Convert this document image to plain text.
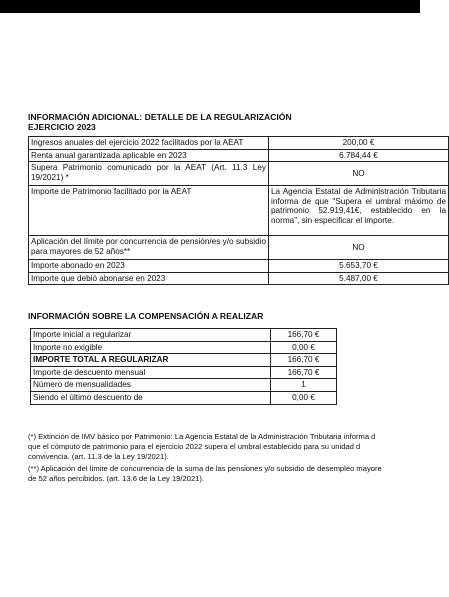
INFORMACIÓN ADICIONAL: DETALLE DE LA REGULARIZACIÓN
EJERCICIO 2023
Ingresos anuales del ejercicio 2022 facilitados por la AEAT	200,00 €
Renta anual garantizada aplicable en 2023	6.784,44 €
Supera Patrimonio comunicado por la AEAT (Art. 11.3 Ley 19/2021) *	NO
Importe de Patrimonio facilitado por la AEAT	La Agencia Estatal de Administración Tributaria informa de que "Supera el umbral máximo de patrimonio 52.919,41€, establecido en la norma", sin especificar el importe.
Aplicación del límite por concurrencia de pensión/es y/o subsidio para mayores de 52 años**	NO
Importe abonado en 2023	5.653,70 €
Importe que debió abonarse en 2023	5.487,00 €
INFORMACIÓN SOBRE LA COMPENSACIÓN A REALIZAR
Importe inicial a regularizar	166,70 €
Importe no exigible	0,00 €
IMPORTE TOTAL A REGULARIZAR	166,70 €
Importe de descuento mensual	166,70 €
Número de mensualidades	1
Siendo el último descuento de	0,00 €
(*) Extinción de IMV básico por Patrimonio: La Agencia Estatal de la Administración Tributaria informa d
que el cómputo de patrimonio para el ejercicio 2022 supera el umbral establecido para su unidad d
convivencia. (art. 11.3 de la Ley 19/2021).
(**) Aplicación del límite de concurrencia de la suma de las pensiones y/o subsidio de desempleo mayore
de 52 años percibidos. (art. 13.6 de la Ley 19/2021).
